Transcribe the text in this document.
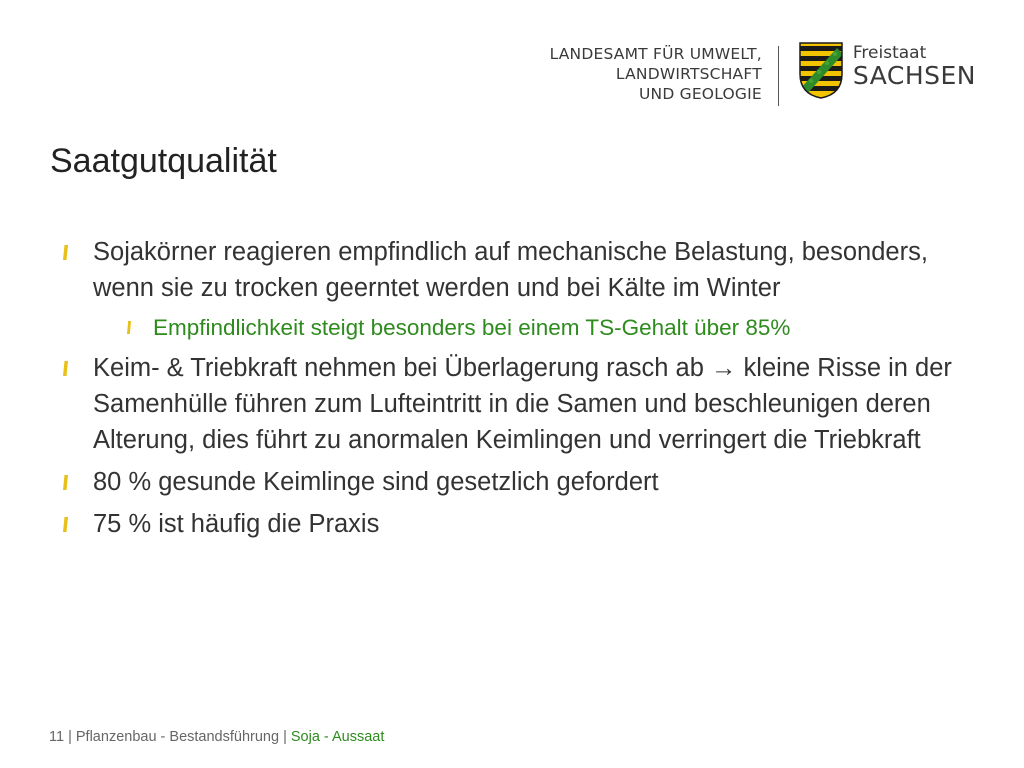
LANDESAMT FÜR UMWELT,
LANDWIRTSCHAFT
UND GEOLOGIE
Freistaat
SACHSEN
Saatgutqualität
Sojakörner reagieren empfindlich auf mechanische Belastung, besonders, wenn sie zu trocken geerntet werden und bei Kälte im Winter
Empfindlichkeit steigt besonders bei einem TS-Gehalt über 85%
Keim- & Triebkraft nehmen bei Überlagerung rasch ab → kleine Risse in der Samenhülle führen zum Lufteintritt in die Samen und beschleunigen deren Alterung, dies führt zu anormalen Keimlingen und verringert die Triebkraft
80 % gesunde Keimlinge sind gesetzlich gefordert
75 % ist häufig die Praxis
11 | Pflanzenbau - Bestandsführung | Soja - Aussaat
